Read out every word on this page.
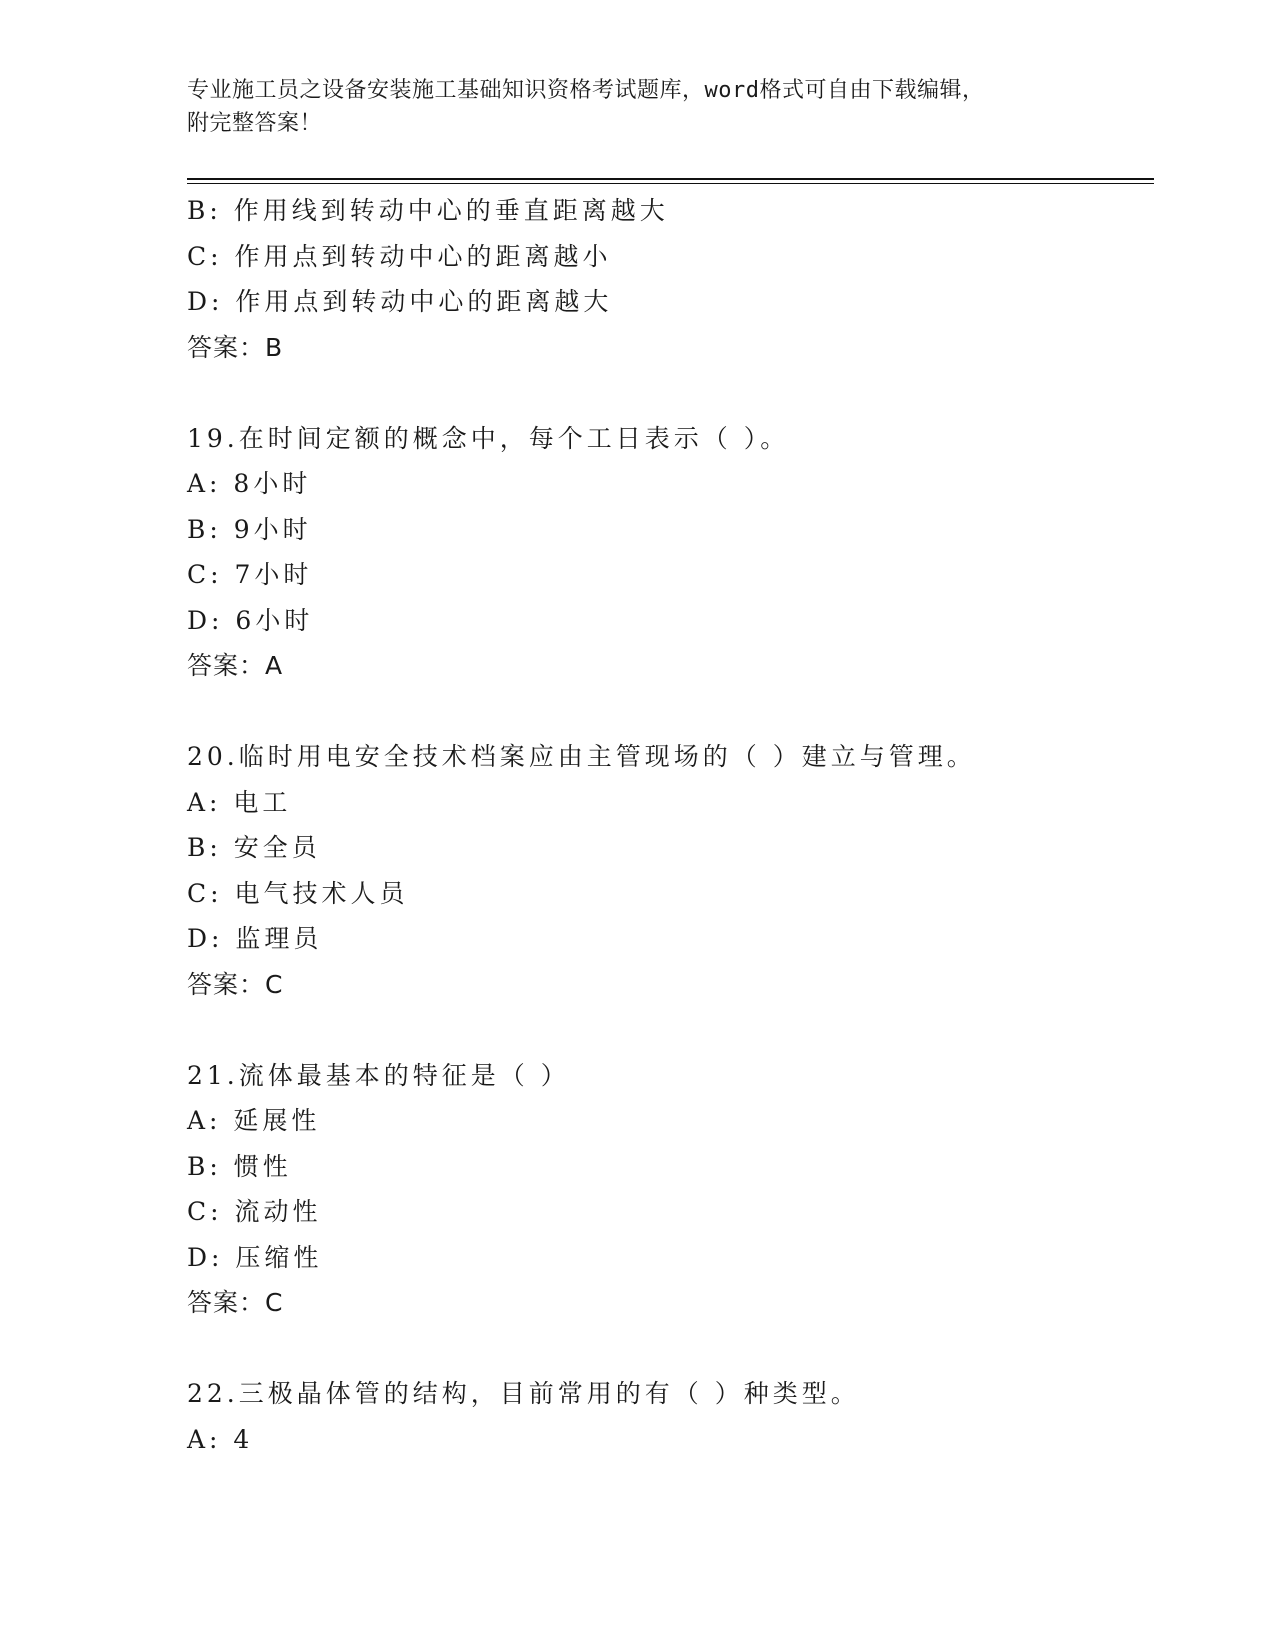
专业施工员之设备安装施工基础知识资格考试题库，word格式可自由下载编辑，
附完整答案！
B: 作用线到转动中心的垂直距离越大
C: 作用点到转动中心的距离越小
D: 作用点到转动中心的距离越大
答案：B
19.在时间定额的概念中，每个工日表示（ ）。
A: 8小时
B: 9小时
C: 7小时
D: 6小时
答案：A
20.临时用电安全技术档案应由主管现场的（ ）建立与管理。
A: 电工
B: 安全员
C: 电气技术人员
D: 监理员
答案：C
21.流体最基本的特征是（ ）
A: 延展性
B: 惯性
C: 流动性
D: 压缩性
答案：C
22.三极晶体管的结构，目前常用的有（ ）种类型。
A: 4
